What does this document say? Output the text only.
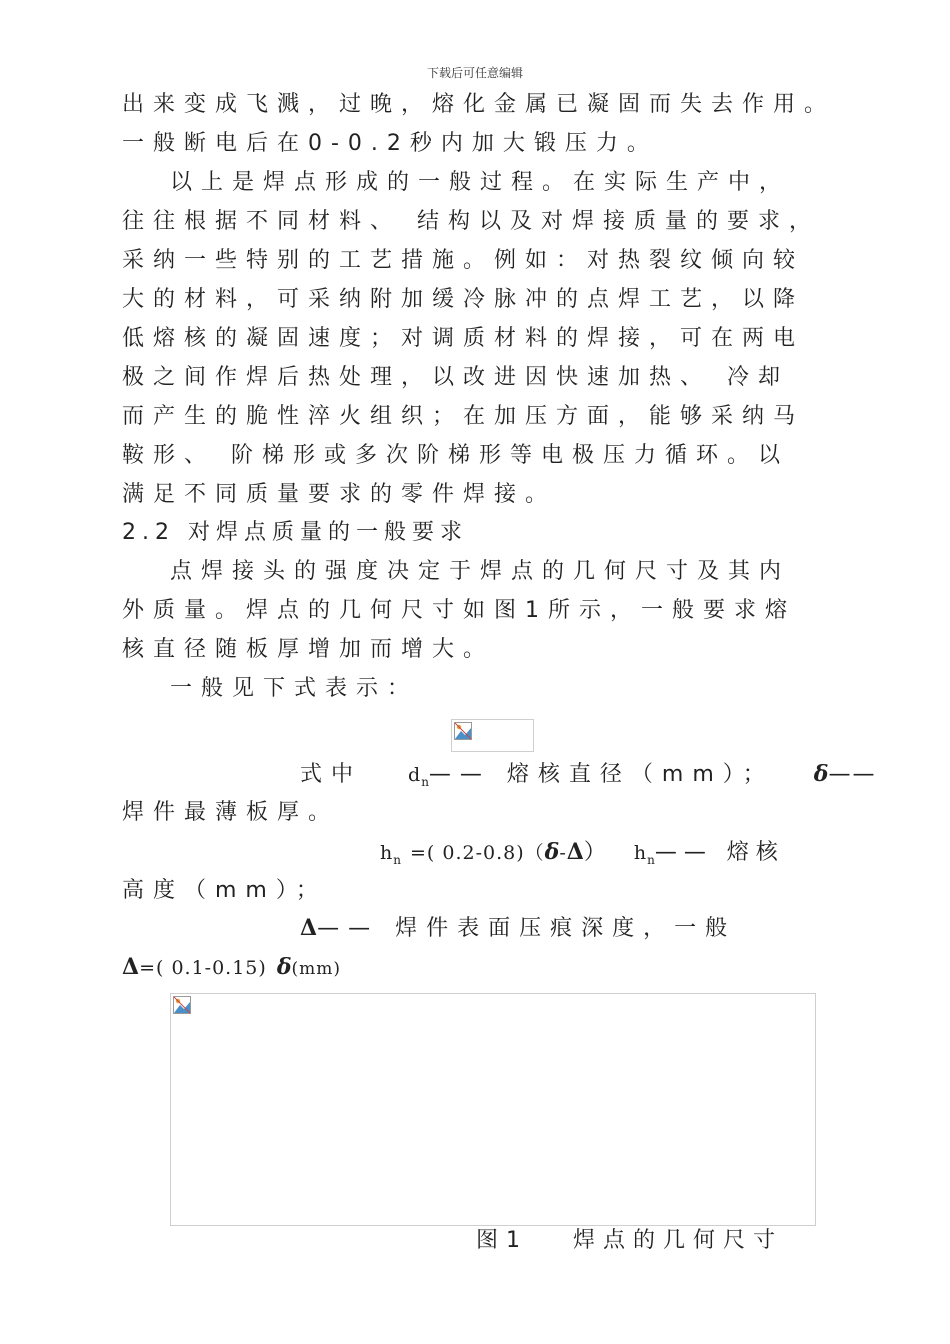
下载后可任意编辑
出来变成飞溅，过晚，熔化金属已凝固而失去作用。
一般断电后在0-0.2秒内加大锻压力。
以上是焊点形成的一般过程。在实际生产中，
往往根据不同材料、 结构以及对焊接质量的要求，
采纳一些特别的工艺措施。例如：对热裂纹倾向较
大的材料，可采纳附加缓冷脉冲的点焊工艺，以降
低熔核的凝固速度；对调质材料的焊接，可在两电
极之间作焊后热处理，以改进因快速加热、 冷却
而产生的脆性淬火组织；在加压方面，能够采纳马
鞍形、 阶梯形或多次阶梯形等电极压力循环。以
满足不同质量要求的零件焊接。
2.2 对焊点质量的一般要求
点焊接头的强度决定于焊点的几何尺寸及其内
外质量。焊点的几何尺寸如图1所示，一般要求熔
核直径随板厚增加而增大。
一般见下式表示：
式中 $d_n——$ 熔核直径（mm）； δ——
焊件最薄板厚。
$h_n$ =( 0.2-0.8)（δ-Δ） $h_n——$ 熔核
高度（mm）；
Δ—— 焊件表面压痕深度，一般
Δ=( 0.1-0.15) δ(mm)
图1　 焊点的几何尺寸
